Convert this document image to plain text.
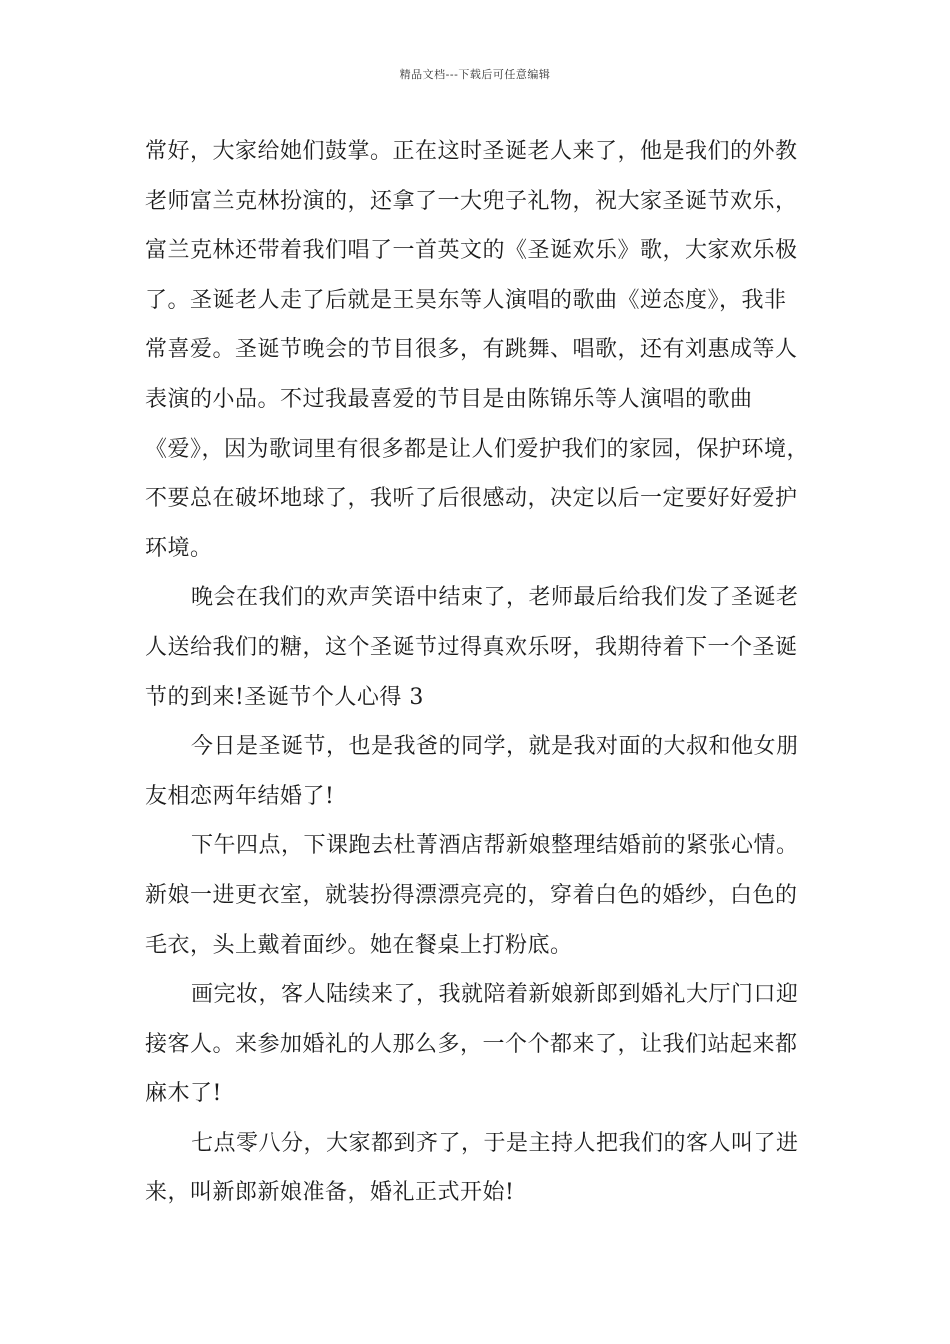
精品文档---下载后可任意编辑
常好，大家给她们鼓掌。正在这时圣诞老人来了，他是我们的外教
老师富兰克林扮演的，还拿了一大兜子礼物，祝大家圣诞节欢乐，
富兰克林还带着我们唱了一首英文的《圣诞欢乐》歌，大家欢乐极
了。圣诞老人走了后就是王昊东等人演唱的歌曲《逆态度》，我非
常喜爱。圣诞节晚会的节目很多，有跳舞、唱歌，还有刘惠成等人
表演的小品。不过我最喜爱的节目是由陈锦乐等人演唱的歌曲
《爱》，因为歌词里有很多都是让人们爱护我们的家园，保护环境，
不要总在破坏地球了，我听了后很感动，决定以后一定要好好爱护
环境。
晚会在我们的欢声笑语中结束了，老师最后给我们发了圣诞老
人送给我们的糖，这个圣诞节过得真欢乐呀，我期待着下一个圣诞
节的到来!圣诞节个人心得 3
今日是圣诞节，也是我爸的同学，就是我对面的大叔和他女朋
友相恋两年结婚了!
下午四点，下课跑去杜菁酒店帮新娘整理结婚前的紧张心情。
新娘一进更衣室，就装扮得漂漂亮亮的，穿着白色的婚纱，白色的
毛衣，头上戴着面纱。她在餐桌上打粉底。
画完妆，客人陆续来了，我就陪着新娘新郎到婚礼大厅门口迎
接客人。来参加婚礼的人那么多，一个个都来了，让我们站起来都
麻木了!
七点零八分，大家都到齐了，于是主持人把我们的客人叫了进
来，叫新郎新娘准备，婚礼正式开始!
